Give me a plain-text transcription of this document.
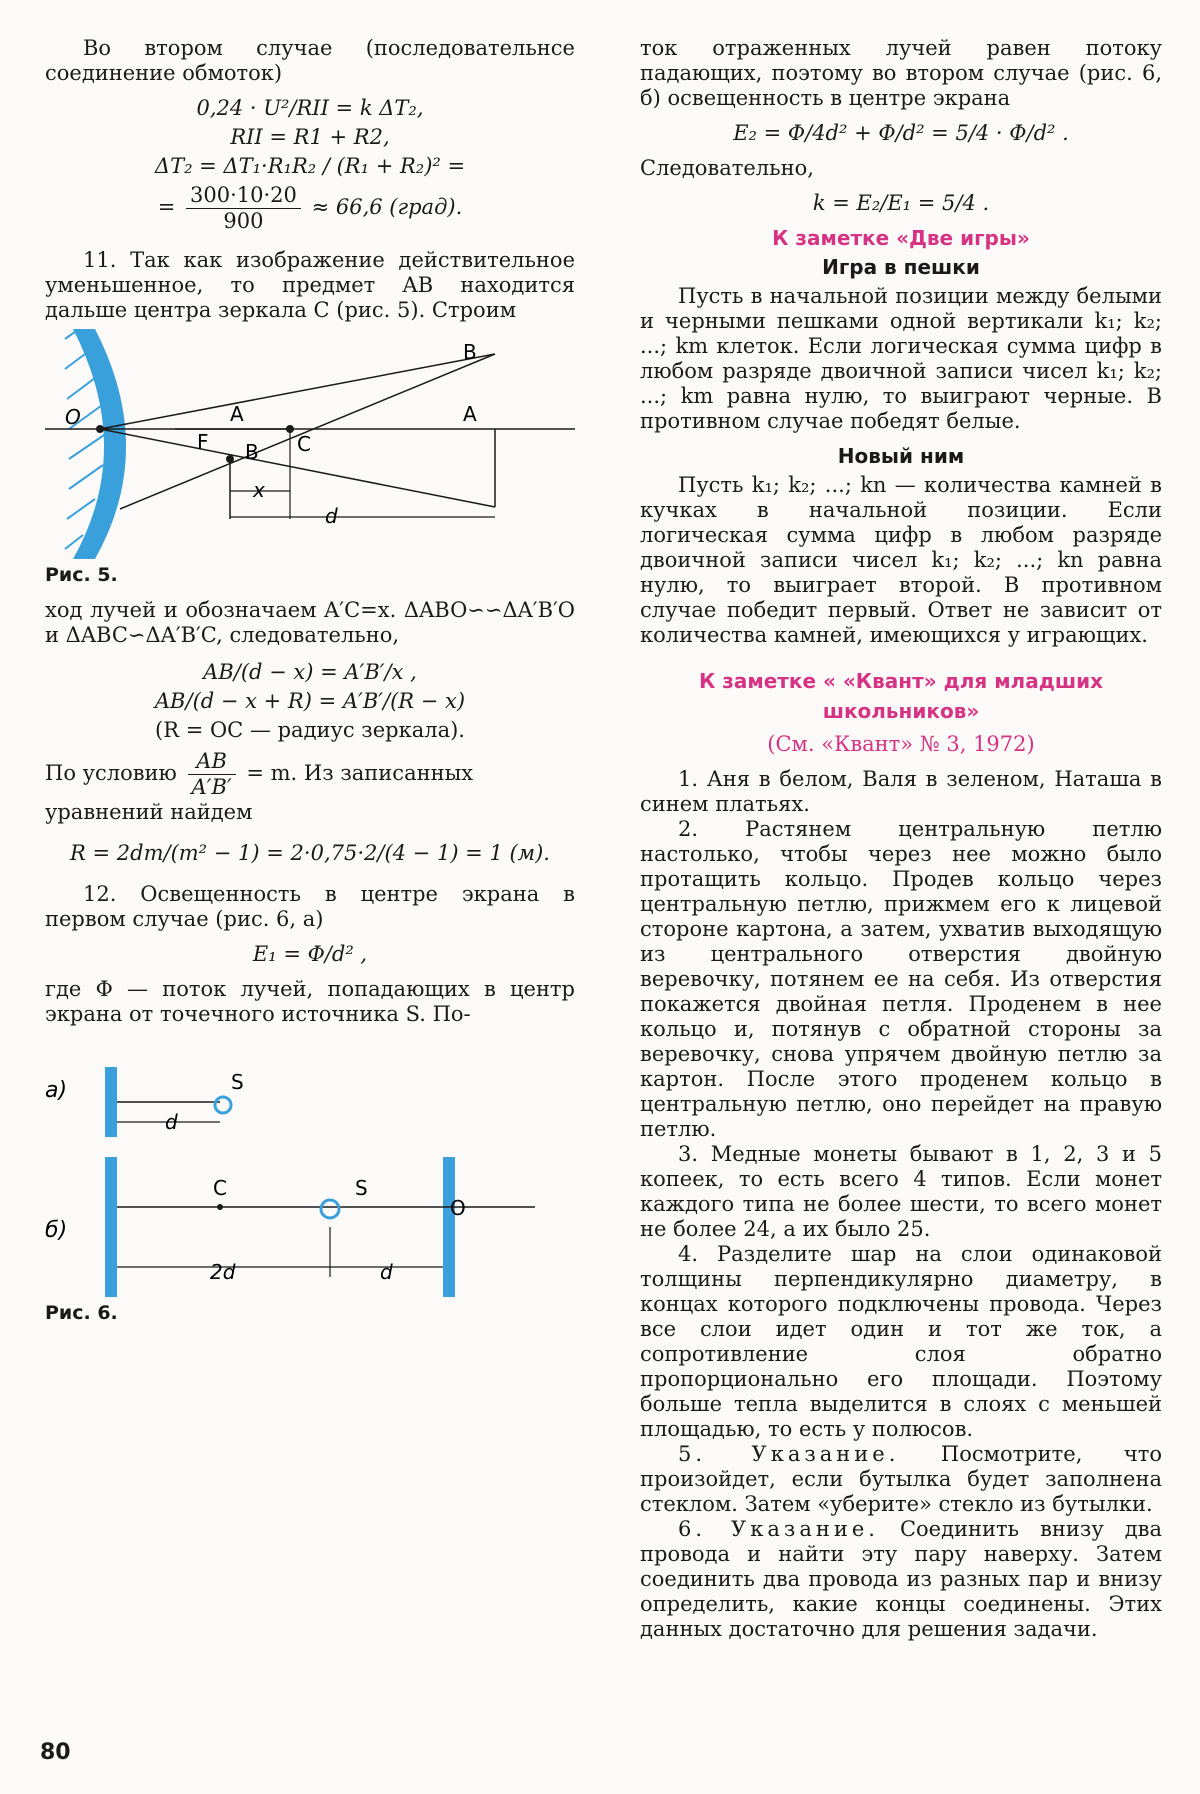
Во втором случае (последовательнсе соединение обмоток)

0,24 · U²/RII = k ΔT₂,
RII = R1 + R2,
ΔT₂ = ΔT₁·R₁R₂ / (R₁ + R₂)² =
= $\frac{300\cdot 10\cdot 20}{900} \approx 66,6$ (град).

11. Так как изображение действительное уменьшенное, то предмет AB находится дальше центра зеркала C (рис. 5). Строим

O	A	A
B
B
F	C
x
d
Рис. 5.

ход лучей и обозначаем A′C=x. ΔABO∽∽ΔA′B′O и ΔABC∽ΔA′B′C, следовательно,

AB/(d − x) = A′B′/x ,
AB/(d − x + R) = A′B′/(R − x)
(R = OC — радиус зеркала).

По условию $\frac{AB}{A'B'} = m$. Из записанных

уравнений найдем

R = 2dm/(m² − 1) = 2·0,75·2/(4 − 1) = 1 (м).

12. Освещенность в центре экрана в первом случае (рис. 6, а)

E₁ = Φ/d² ,

где Φ — поток лучей, попадающих в центр экрана от точечного источника S. По-

а)	S
d
б)
C	S
O
2d	d
Рис. 6.

ток отраженных лучей равен потоку падающих, поэтому во втором случае (рис. 6, б) освещенность в центре экрана

E₂ = Φ/4d² + Φ/d² = 5/4 · Φ/d² .

Следовательно,

k = E₂/E₁ = 5/4 .
К заметке «Две игры»
Игра в пешки

Пусть в начальной позиции между белыми и черными пешками одной вертикали k₁; k₂; ...; km клеток. Если логическая сумма цифр в любом разряде двоичной записи чисел k₁; k₂; ...; km равна нулю, то выиграют черные. В противном случае победят белые.

Новый ним

Пусть k₁; k₂; ...; kn — количества камней в кучках в начальной позиции. Если логическая сумма цифр в любом разряде двоичной записи чисел k₁; k₂; ...; kn равна нулю, то выиграет второй. В противном случае победит первый. Ответ не зависит от количества камней, имеющихся у играющих.

К заметке « «Квант» для младших школьников»
(См. «Квант» № 3, 1972)

1. Аня в белом, Валя в зеленом, Наташа в синем платьях.

2. Растянем центральную петлю настолько, чтобы через нее можно было протащить кольцо. Продев кольцо через центральную петлю, прижмем его к лицевой стороне картона, а затем, ухватив выходящую из центрального отверстия двойную веревочку, потянем ее на себя. Из отверстия покажется двойная петля. Проденем в нее кольцо и, потянув с обратной стороны за веревочку, снова упрячем двойную петлю за картон. После этого проденем кольцо в центральную петлю, оно перейдет на правую петлю.

3. Медные монеты бывают в 1, 2, 3 и 5 копеек, то есть всего 4 типов. Если монет каждого типа не более шести, то всего монет не более 24, а их было 25.

4. Разделите шар на слои одинаковой толщины перпендикулярно диаметру, в концах которого подключены провода. Через все слои идет один и тот же ток, а сопротивление слоя обратно пропорционально его площади. Поэтому больше тепла выделится в слоях с меньшей площадью, то есть у полюсов.

5. Указание. Посмотрите, что произойдет, если бутылка будет заполнена стеклом. Затем «уберите» стекло из бутылки.

6. Указание. Соединить внизу два провода и найти эту пару наверху. Затем соединить два провода из разных пар и внизу определить, какие концы соединены. Этих данных достаточно для решения задачи.

80
